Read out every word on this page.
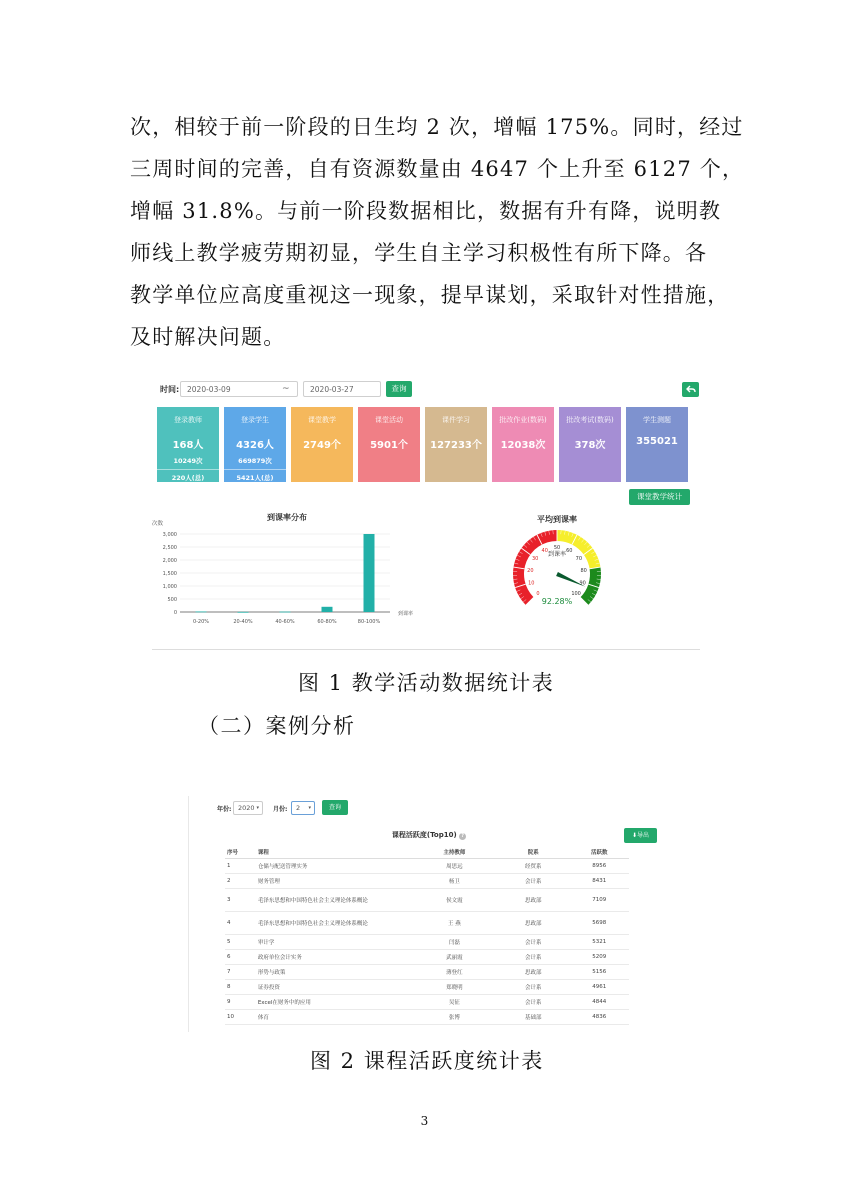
次，相较于前一阶段的日生均 2 次，增幅 175%。同时，经过

三周时间的完善，自有资源数量由 4647 个上升至 6127 个，

增幅 31.8%。与前一阶段数据相比，数据有升有降，说明教

师线上教学疲劳期初显，学生自主学习积极性有所下降。各

教学单位应高度重视这一现象，提早谋划，采取针对性措施，

及时解决问题。

时间:	2020-03-09	~	2020-03-27	查询
登录教师
168人
10249次
220人(总)
登录学生
4326人
669879次
5421人(总)
课堂教学
2749个
课堂活动
5901个
课件学习
127233个
批改作业(数码)
12038次
批改考试(数码)
378次
学生测题
355021
课堂教学统计
到课率分布
次数
3,000
2,500
2,000
1,500
1,000
500
0
0-20%	20-40%	40-60%	60-80%	80-100%
到课率
0
10
20
30
40 50 60
70
80
90
100
平均到课率
到课率
92.28%
图 1 教学活动数据统计表
（二）案例分析
年份:	2020 ▾ 月份:	2 ▾	查询
课程活跃度(Top10) ?	⬇导出
序号	课程	主持教师	院系	活跃数
1	仓储与配送管理实务	周思远	经贸系	8956
2	财务管理	杨卫	会计系	8431
3	毛泽东思想和中国特色社会主义理论体系概论	侯文霞	思政部	7109
4	毛泽东思想和中国特色社会主义理论体系概论	王 燕	思政部	5698
5	审计学	闫磊	会计系	5321
6	政府单位会计实务	武丽霞	会计系	5209
7	形势与政策	薄登红	思政部	5156
8	证券投资	郑晓明	会计系	4961
9	Excel在财务中的应用	吴征	会计系	4844
10	体育	张博	基础部	4836
图 2 课程活跃度统计表
3
